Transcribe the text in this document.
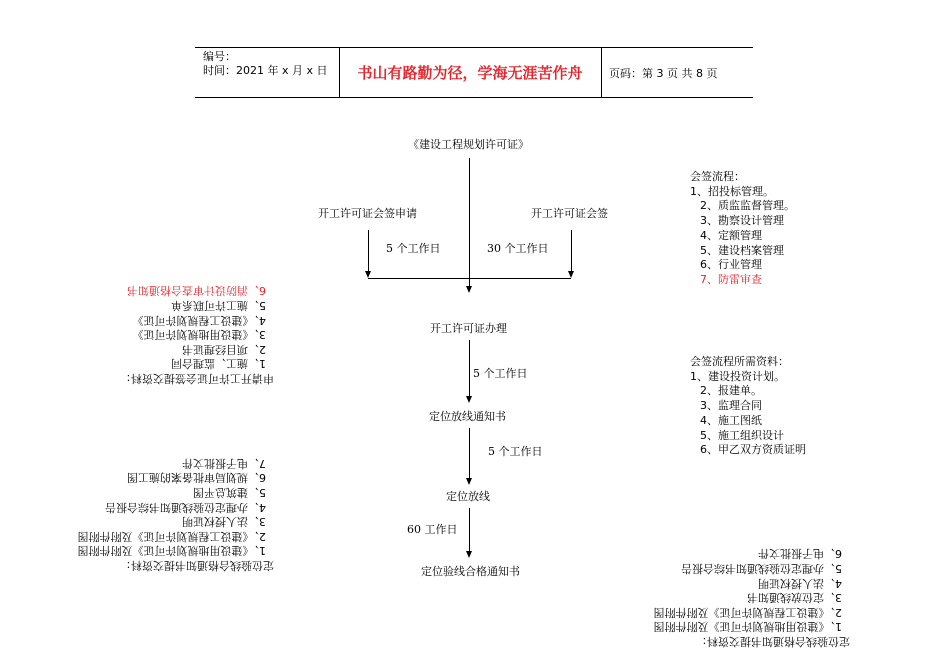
编号：
时间：2021 年 x 月 x 日	书山有路勤为径，学海无涯苦作舟	页码：第 3 页 共 8 页
《建设工程规划许可证》
开工许可证会签申请	开工许可证会签
5 个工作日	30 个工作日
开工许可证办理
5 个工作日
定位放线通知书
5 个工作日
定位放线
60 工作日
定位验线合格通知书
会签流程：
1、招投标管理。
2、质监监督管理。
3、勘察设计管理
4、定额管理
5、建设档案管理
6、行业管理
7、防雷审查
会签流程所需资料：
1、建设投资计划。
2、报建单。
3、监理合同
4、施工图纸
5、施工组织设计
6、甲乙双方资质证明
申请开工许可证会签提交资料：
1、施工、监理合同
2、项目经理证书
3、《建设用地规划许可证》
4、《建设工程规划许可证》
5、施工许可联系单
6、消防设计审查合格通知书
定位验线合格通知书提交资料：
1、《建设用地规划许可证》及附件附图
2、《建设工程规划许可证》及附件附图
3、法人授权证明
4、办理定位验线通知书综合报告
5、建筑总平图
6、规划局审批备案的施工图
7、电子报批文件
定位验线合格通知书提交资料：
1、《建设用地规划许可证》及附件附图
2、《建设工程规划许可证》及附件附图
3、定位放线通知书
4、法人授权证明
5、办理定位验线通知书综合报告
6、电子报批文件
